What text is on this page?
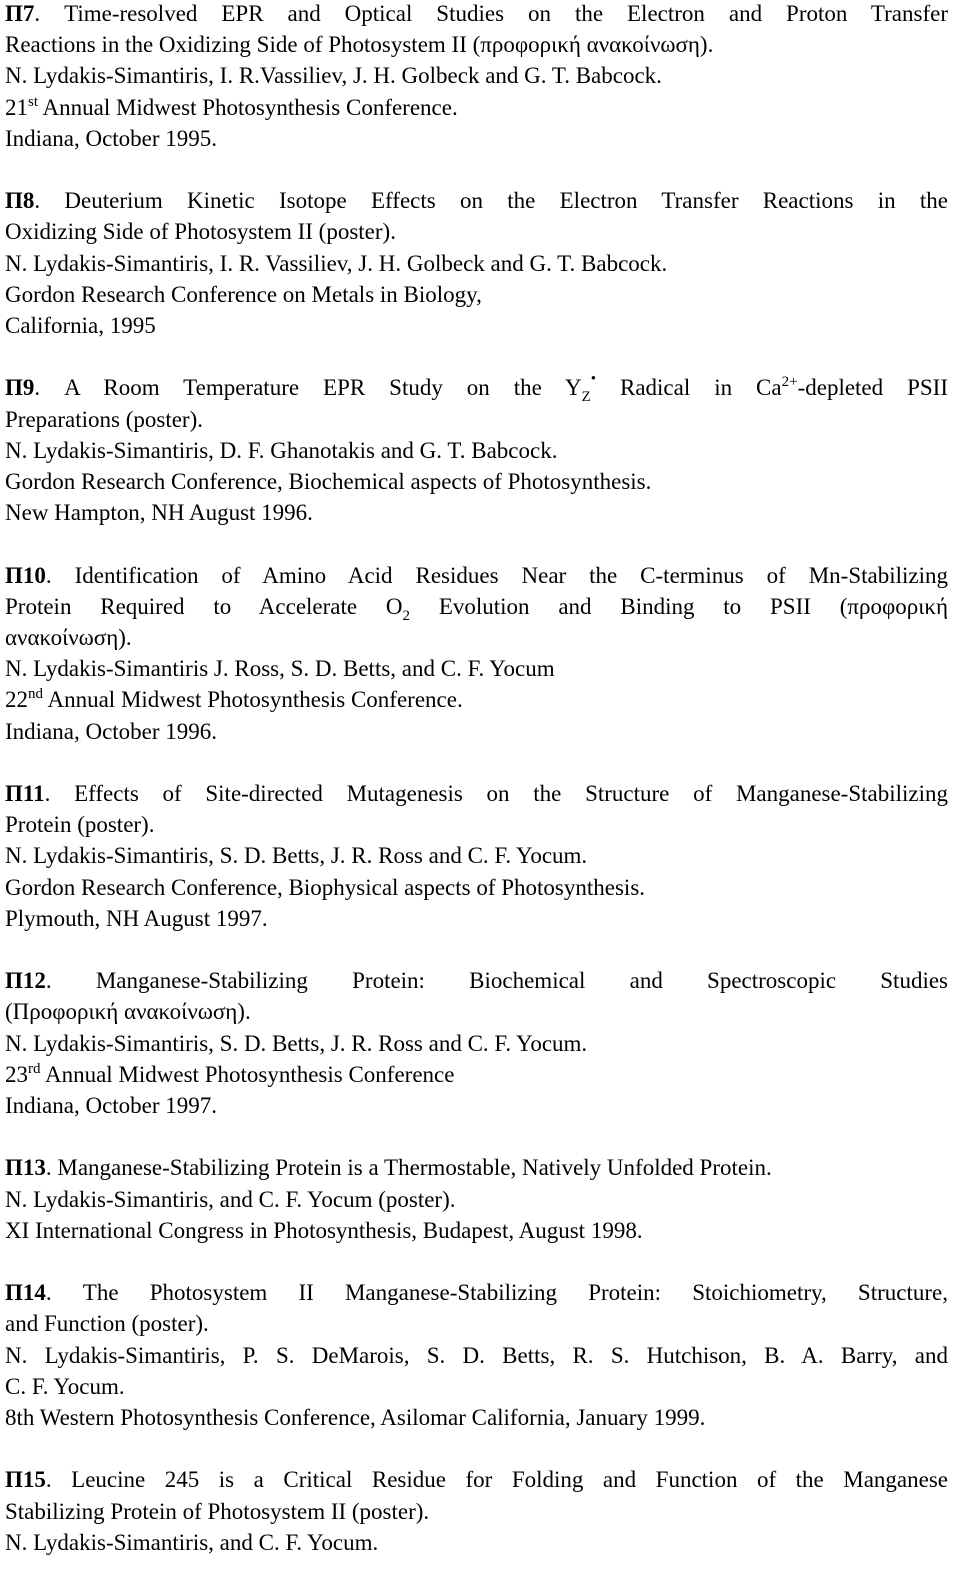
Π7. Time-resolved EPR and Optical Studies on the Electron and Proton Transfer
Reactions in the Oxidizing Side of Photosystem II (προφορική ανακοίνωση).
N. Lydakis-Simantiris, I. R.Vassiliev, J. H. Golbeck and G. T. Babcock.
21st Annual Midwest Photosynthesis Conference.
Indiana, October 1995.
Π8. Deuterium Kinetic Isotope Effects on the Electron Transfer Reactions in the
Oxidizing Side of Photosystem II (poster).
N. Lydakis-Simantiris, I. R. Vassiliev, J. H. Golbeck and G. T. Babcock.
Gordon Research Conference on Metals in Biology,
California, 1995
Π9. A Room Temperature EPR Study on the $Y_Z^•$ Radical in $Ca^{2+}$-depleted PSII
Preparations (poster).
N. Lydakis-Simantiris, D. F. Ghanotakis and G. T. Babcock.
Gordon Research Conference, Biochemical aspects of Photosynthesis.
New Hampton, NH August 1996.
Π10. Identification of Amino Acid Residues Near the C-terminus of Mn-Stabilizing
Protein Required to Accelerate $O_2$ Evolution and Binding to PSII (προφορική
ανακοίνωση).
N. Lydakis-Simantiris J. Ross, S. D. Betts, and C. F. Yocum
22nd Annual Midwest Photosynthesis Conference.
Indiana, October 1996.
Π11. Effects of Site-directed Mutagenesis on the Structure of Manganese-Stabilizing
Protein (poster).
N. Lydakis-Simantiris, S. D. Betts, J. R. Ross and C. F. Yocum.
Gordon Research Conference, Biophysical aspects of Photosynthesis.
Plymouth, NH August 1997.
Π12. Manganese-Stabilizing Protein: Biochemical and Spectroscopic Studies
(Προφορική ανακοίνωση).
N. Lydakis-Simantiris, S. D. Betts, J. R. Ross and C. F. Yocum.
23rd Annual Midwest Photosynthesis Conference
Indiana, October 1997.
Π13. Manganese-Stabilizing Protein is a Thermostable, Natively Unfolded Protein.
N. Lydakis-Simantiris, and C. F. Yocum (poster).
XI International Congress in Photosynthesis, Budapest, August 1998.
Π14. The Photosystem II Manganese-Stabilizing Protein: Stoichiometry, Structure,
and Function (poster).
N. Lydakis-Simantiris, P. S. DeMarois, S. D. Betts, R. S. Hutchison, B. A. Barry, and
C. F. Yocum.
8th Western Photosynthesis Conference, Asilomar California, January 1999.
Π15. Leucine 245 is a Critical Residue for Folding and Function of the Manganese
Stabilizing Protein of Photosystem II (poster).
N. Lydakis-Simantiris, and C. F. Yocum.
